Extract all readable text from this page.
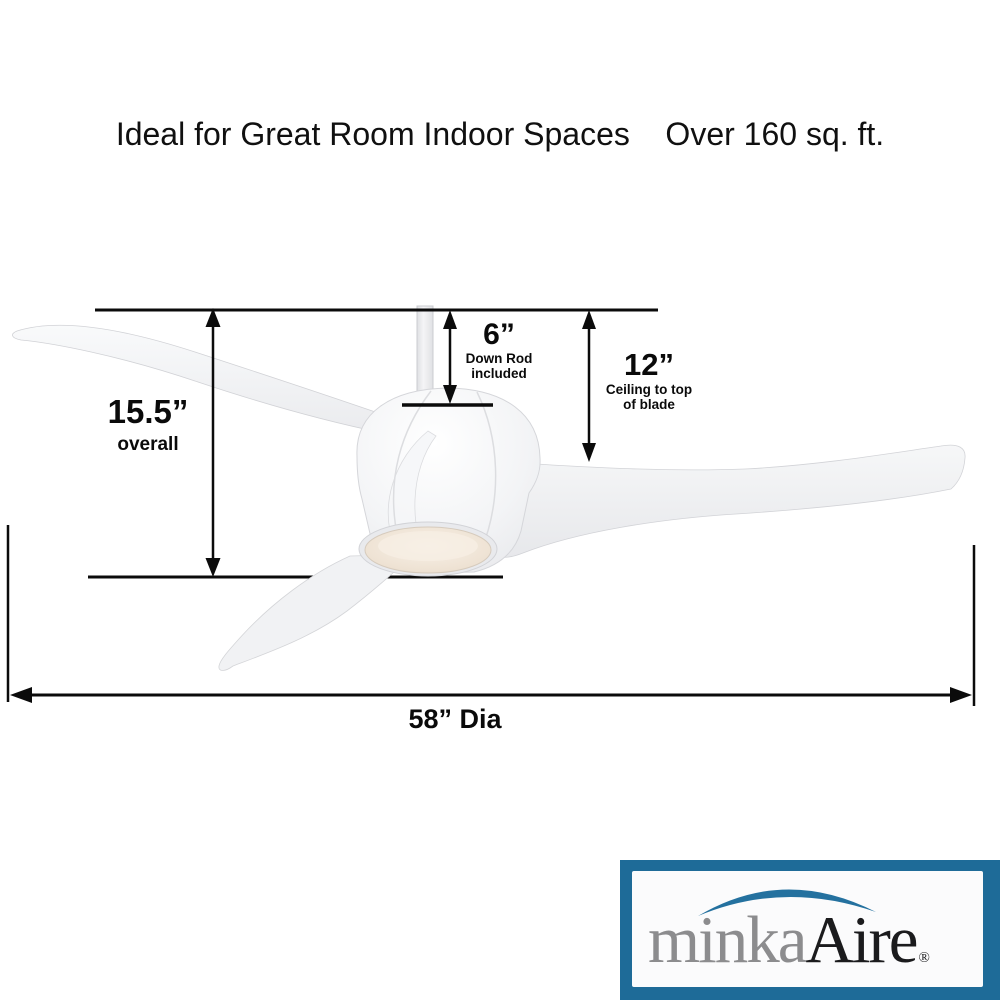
Ideal for Great Room Indoor Spaces    Over 160 sq. ft.
15.5”
overall
6”
Down Rod
included	12”
Ceiling to top
of blade
58” Dia
minkaAire ®
